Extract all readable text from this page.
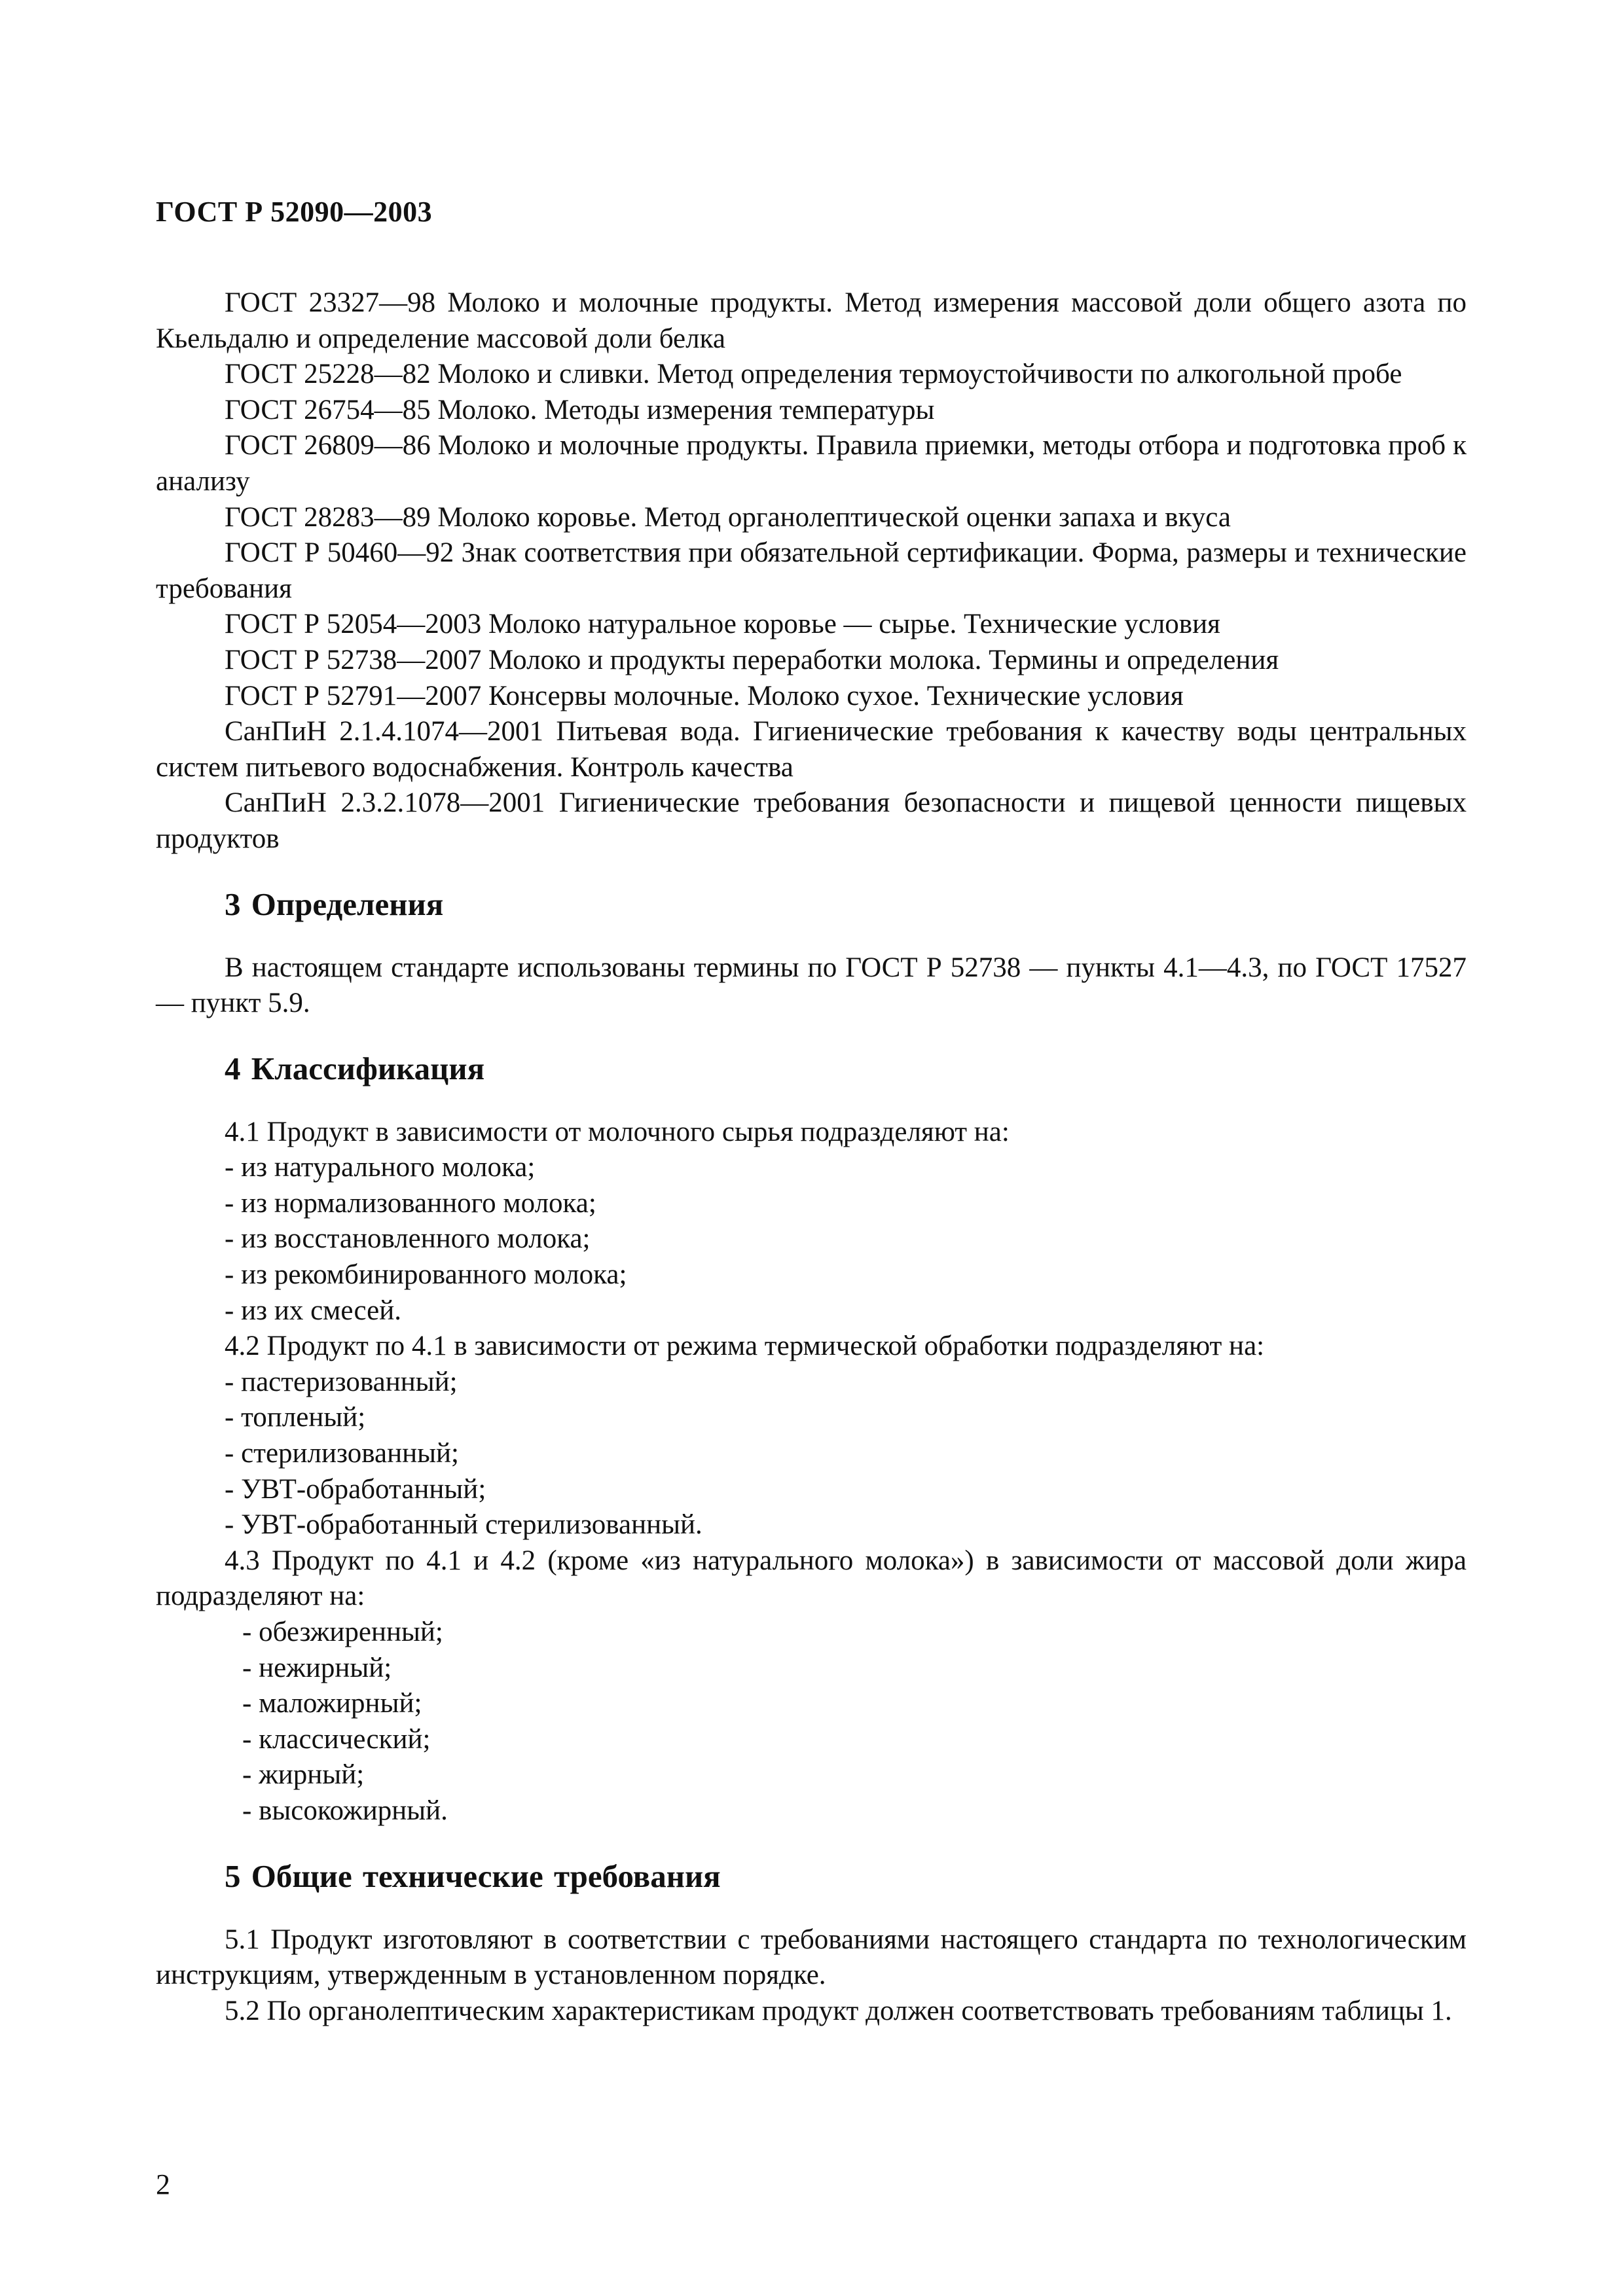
ГОСТ Р 52090—2003

ГОСТ 23327—98 Молоко и молочные продукты. Метод измерения массовой доли общего азота по Кьельдалю и определение массовой доли белка

ГОСТ 25228—82 Молоко и сливки. Метод определения термоустойчивости по алкогольной пробе

ГОСТ 26754—85 Молоко. Методы измерения температуры

ГОСТ 26809—86 Молоко и молочные продукты. Правила приемки, методы отбора и подготовка проб к анализу

ГОСТ 28283—89 Молоко коровье. Метод органолептической оценки запаха и вкуса

ГОСТ Р 50460—92 Знак соответствия при обязательной сертификации. Форма, размеры и технические требования

ГОСТ Р 52054—2003 Молоко натуральное коровье — сырье. Технические условия

ГОСТ Р 52738—2007 Молоко и продукты переработки молока. Термины и определения

ГОСТ Р 52791—2007 Консервы молочные. Молоко сухое. Технические условия

СанПиН 2.1.4.1074—2001 Питьевая вода. Гигиенические требования к качеству воды центральных систем питьевого водоснабжения. Контроль качества

СанПиН 2.3.2.1078—2001 Гигиенические требования безопасности и пищевой ценности пищевых продуктов

3 Определения

В настоящем стандарте использованы термины по ГОСТ Р 52738 — пункты 4.1—4.3, по ГОСТ 17527 — пункт 5.9.

4 Классификация

4.1 Продукт в зависимости от молочного сырья подразделяют на:

- из натурального молока;

- из нормализованного молока;

- из восстановленного молока;

- из рекомбинированного молока;

- из их смесей.

4.2 Продукт по 4.1 в зависимости от режима термической обработки подразделяют на:

- пастеризованный;

- топленый;

- стерилизованный;

- УВТ-обработанный;

- УВТ-обработанный стерилизованный.

4.3 Продукт по 4.1 и 4.2 (кроме «из натурального молока») в зависимости от массовой доли жира подразделяют на:

- обезжиренный;

- нежирный;

- маложирный;

- классический;

- жирный;

- высокожирный.

5 Общие технические требования

5.1 Продукт изготовляют в соответствии с требованиями настоящего стандарта по технологическим инструкциям, утвержденным в установленном порядке.

5.2 По органолептическим характеристикам продукт должен соответствовать требованиям таблицы 1.

2
